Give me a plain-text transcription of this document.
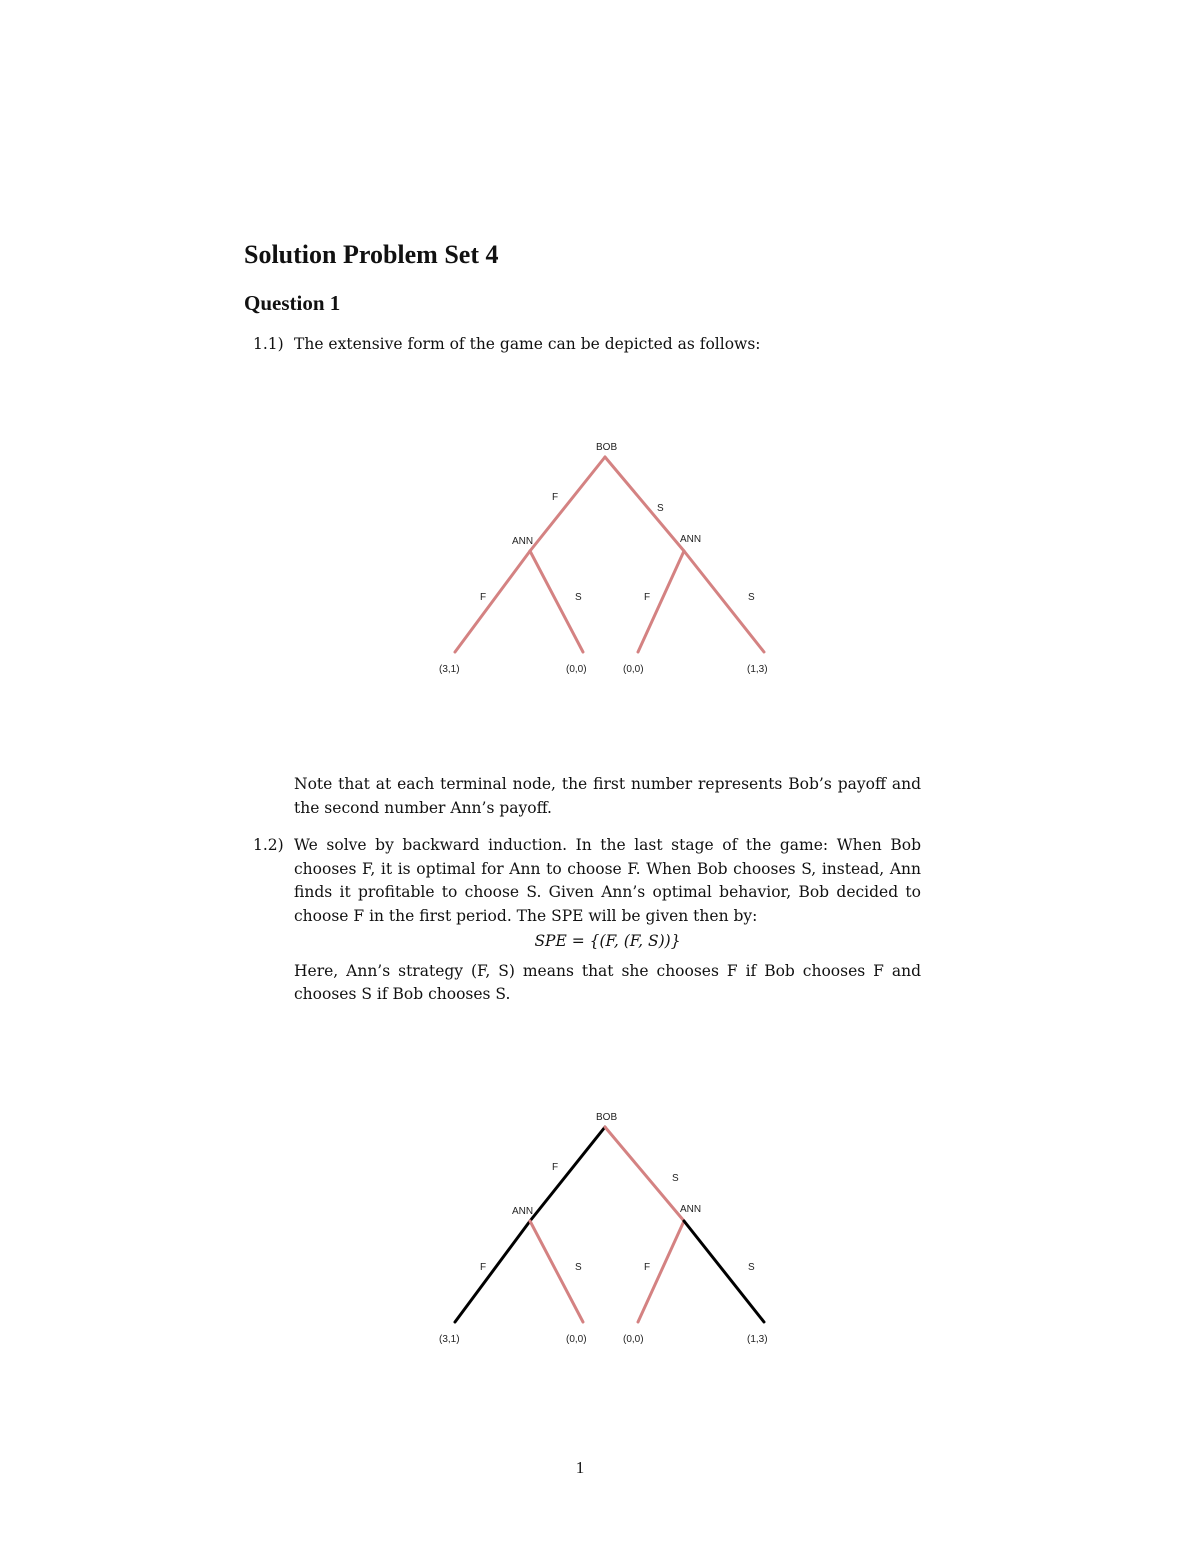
Solution Problem Set 4
Question 1
1.1) The extensive form of the game can be depicted as follows:

BOB
ANN	ANN
F
S
F	S	F	S
(3,1)	(0,0)	(0,0)	(1,3)

Note that at each terminal node, the first number represents Bob’s payoff and the second number Ann’s payoff.

1.2) We solve by backward induction. In the last stage of the game: When Bob chooses F, it is optimal for Ann to choose F. When Bob chooses S, instead, Ann finds it profitable to choose S. Given Ann’s optimal behavior, Bob decided to choose F in the first period. The SPE will be given then by:

SPE = {(F, (F, S))}

Here, Ann’s strategy (F, S) means that she chooses F if Bob chooses F and chooses S if Bob chooses S.

BOB
ANN	ANN
F
S
F	S	F	S
(3,1)	(0,0)	(0,0)	(1,3)
1
